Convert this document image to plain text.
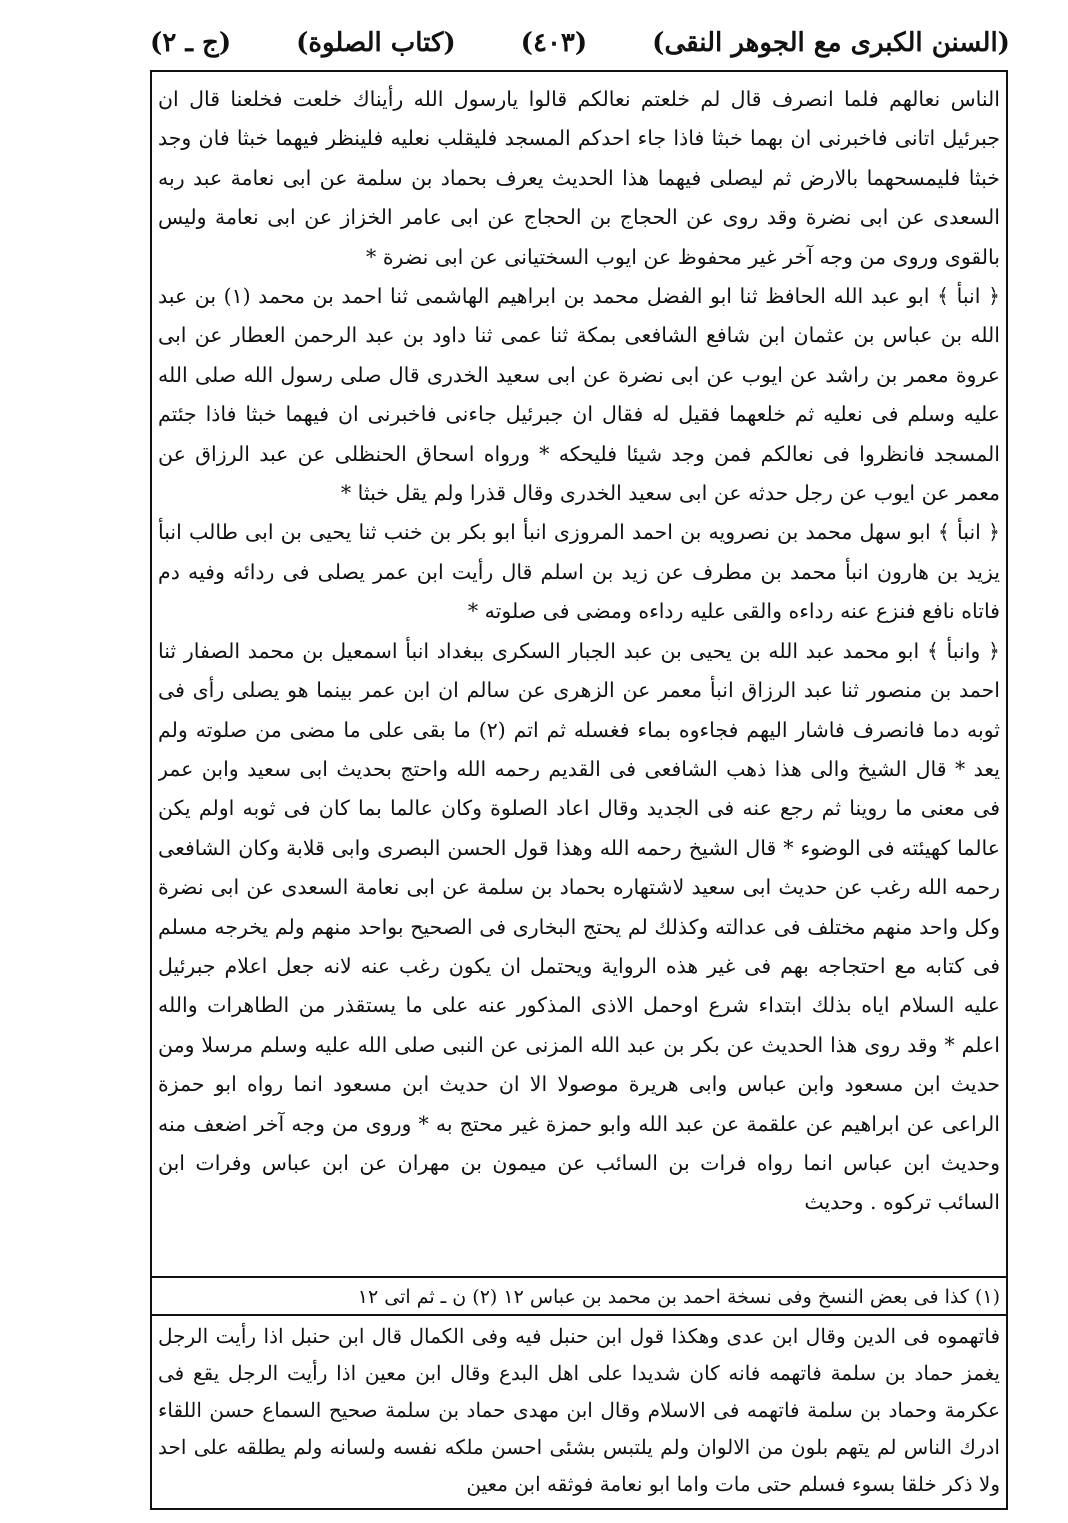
(السنن الكبرى مع الجوهر النقى)
(٤٠٣)
(كتاب الصلوة)
(ج ـ ٢)

الناس نعالهم فلما انصرف قال لم خلعتم نعالكم قالوا يارسول الله رأيناك خلعت فخلعنا قال ان جبرئيل اتانى فاخبرنى ان بهما خبثا فاذا جاء احدكم المسجد فليقلب نعليه فلينظر فيهما خبثا فان وجد خبثا فليمسحهما بالارض ثم ليصلى فيهما هذا الحديث يعرف بحماد بن سلمة عن ابى نعامة عبد ربه السعدى عن ابى نضرة وقد روى عن الحجاج بن الحجاج عن ابى عامر الخزاز عن ابى نعامة وليس بالقوى وروى من وجه آخر غير محفوظ عن ايوب السختيانى عن ابى نضرة *

﴿ انبأ ﴾ ابو عبد الله الحافظ ثنا ابو الفضل محمد بن ابراهيم الهاشمى ثنا احمد بن محمد (١) بن عبد الله بن عباس بن عثمان ابن شافع الشافعى بمكة ثنا عمى ثنا داود بن عبد الرحمن العطار عن ابى عروة معمر بن راشد عن ايوب عن ابى نضرة عن ابى سعيد الخدرى قال صلى رسول الله صلى الله عليه وسلم فى نعليه ثم خلعهما فقيل له فقال ان جبرئيل جاءنى فاخبرنى ان فيهما خبثا فاذا جئتم المسجد فانظروا فى نعالكم فمن وجد شيئا فليحكه * ورواه اسحاق الحنظلى عن عبد الرزاق عن معمر عن ايوب عن رجل حدثه عن ابى سعيد الخدرى وقال قذرا ولم يقل خبثا *

﴿ انبأ ﴾ ابو سهل محمد بن نصرويه بن احمد المروزى انبأ ابو بكر بن خنب ثنا يحيى بن ابى طالب انبأ يزيد بن هارون انبأ محمد بن مطرف عن زيد بن اسلم قال رأيت ابن عمر يصلى فى ردائه وفيه دم فاتاه نافع فنزع عنه رداءه والقى عليه رداءه ومضى فى صلوته *

﴿ وانبأ ﴾ ابو محمد عبد الله بن يحيى بن عبد الجبار السكرى ببغداد انبأ اسمعيل بن محمد الصفار ثنا احمد بن منصور ثنا عبد الرزاق انبأ معمر عن الزهرى عن سالم ان ابن عمر بينما هو يصلى رأى فى ثوبه دما فانصرف فاشار اليهم فجاءوه بماء فغسله ثم اتم (٢) ما بقى على ما مضى من صلوته ولم يعد * قال الشيخ والى هذا ذهب الشافعى فى القديم رحمه الله واحتج بحديث ابى سعيد وابن عمر فى معنى ما روينا ثم رجع عنه فى الجديد وقال اعاد الصلوة وكان عالما بما كان فى ثوبه اولم يكن عالما كهيئته فى الوضوء * قال الشيخ رحمه الله وهذا قول الحسن البصرى وابى قلابة وكان الشافعى رحمه الله رغب عن حديث ابى سعيد لاشتهاره بحماد بن سلمة عن ابى نعامة السعدى عن ابى نضرة وكل واحد منهم مختلف فى عدالته وكذلك لم يحتج البخارى فى الصحيح بواحد منهم ولم يخرجه مسلم فى كتابه مع احتجاجه بهم فى غير هذه الرواية ويحتمل ان يكون رغب عنه لانه جعل اعلام جبرئيل عليه السلام اياه بذلك ابتداء شرع اوحمل الاذى المذكور عنه على ما يستقذر من الطاهرات والله اعلم * وقد روى هذا الحديث عن بكر بن عبد الله المزنى عن النبى صلى الله عليه وسلم مرسلا ومن حديث ابن مسعود وابن عباس وابى هريرة موصولا الا ان حديث ابن مسعود انما رواه ابو حمزة الراعى عن ابراهيم عن علقمة عن عبد الله وابو حمزة غير محتج به * وروى من وجه آخر اضعف منه وحديث ابن عباس انما رواه فرات بن السائب عن ميمون بن مهران عن ابن عباس وفرات ابن السائب تركوه . وحديث

(١) كذا فى بعض النسخ وفى نسخة احمد بن محمد بن عباس ١٢ (٢) ن ـ ثم اتى ١٢

فاتهموه فى الدين وقال ابن عدى وهكذا قول ابن حنبل فيه وفى الكمال قال ابن حنبل اذا رأيت الرجل يغمز حماد بن سلمة فاتهمه فانه كان شديدا على اهل البدع وقال ابن معين اذا رأيت الرجل يقع فى عكرمة وحماد بن سلمة فاتهمه فى الاسلام وقال ابن مهدى حماد بن سلمة صحيح السماع حسن اللقاء ادرك الناس لم يتهم بلون من الالوان ولم يلتبس بشئى احسن ملكه نفسه ولسانه ولم يطلقه على احد ولا ذكر خلقا بسوء فسلم حتى مات واما ابو نعامة فوثقه ابن معين
